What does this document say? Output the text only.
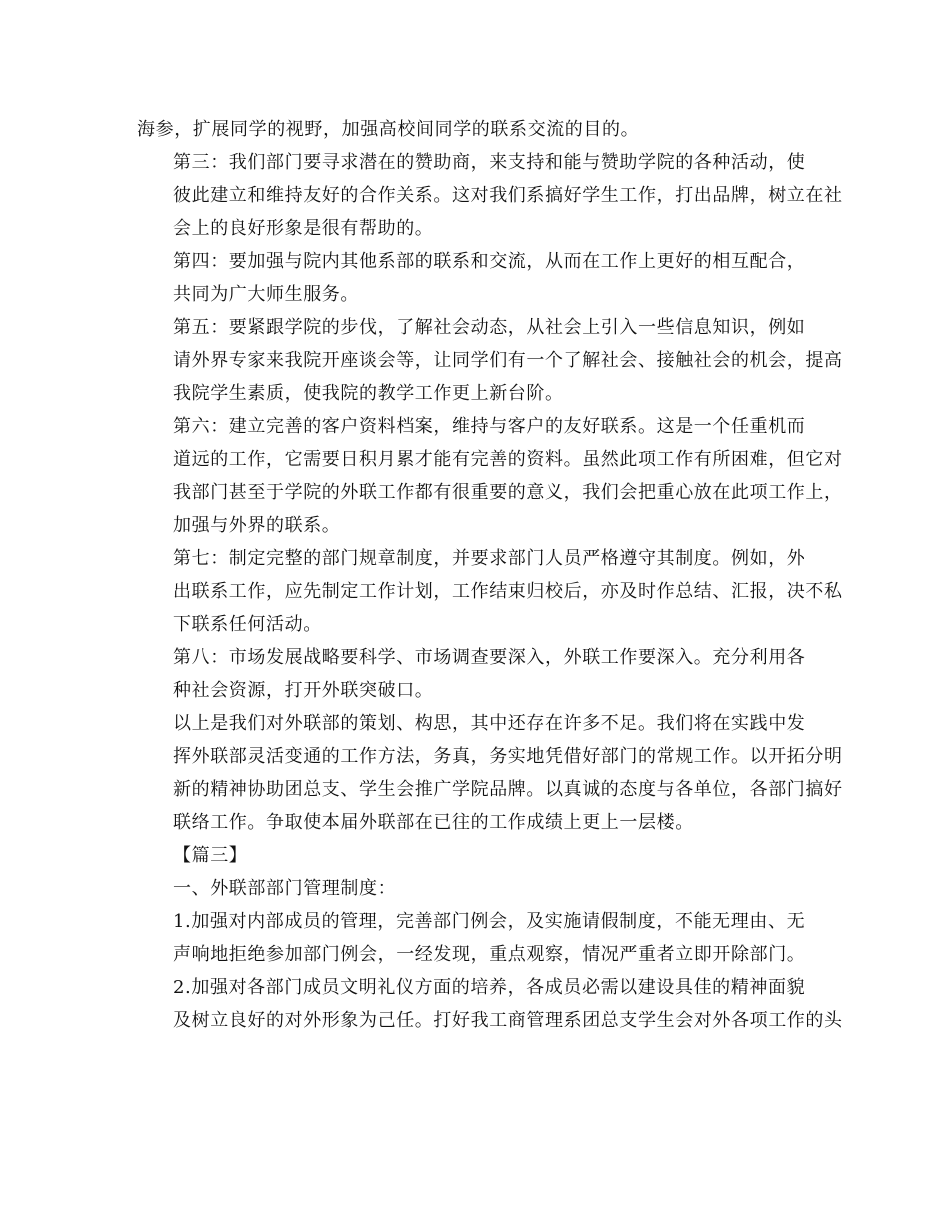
海参，扩展同学的视野，加强高校间同学的联系交流的目的。

第三：我们部门要寻求潜在的赞助商，来支持和能与赞助学院的各种活动，使
彼此建立和维持友好的合作关系。这对我们系搞好学生工作，打出品牌，树立在社
会上的良好形象是很有帮助的。

第四：要加强与院内其他系部的联系和交流，从而在工作上更好的相互配合，
共同为广大师生服务。

第五：要紧跟学院的步伐，了解社会动态，从社会上引入一些信息知识，例如
请外界专家来我院开座谈会等，让同学们有一个了解社会、接触社会的机会，提高
我院学生素质，使我院的教学工作更上新台阶。

第六：建立完善的客户资料档案，维持与客户的友好联系。这是一个任重机而
道远的工作，它需要日积月累才能有完善的资料。虽然此项工作有所困难，但它对
我部门甚至于学院的外联工作都有很重要的意义，我们会把重心放在此项工作上，
加强与外界的联系。

第七：制定完整的部门规章制度，并要求部门人员严格遵守其制度。例如，外
出联系工作，应先制定工作计划，工作结束归校后，亦及时作总结、汇报，决不私
下联系任何活动。

第八：市场发展战略要科学、市场调查要深入，外联工作要深入。充分利用各
种社会资源，打开外联突破口。

以上是我们对外联部的策划、构思，其中还存在许多不足。我们将在实践中发
挥外联部灵活变通的工作方法，务真，务实地凭借好部门的常规工作。以开拓分明
新的精神协助团总支、学生会推广学院品牌。以真诚的态度与各单位，各部门搞好
联络工作。争取使本届外联部在已往的工作成绩上更上一层楼。

【篇三】

一、外联部部门管理制度：

1.加强对内部成员的管理，完善部门例会，及实施请假制度，不能无理由、无
声响地拒绝参加部门例会，一经发现，重点观察，情况严重者立即开除部门。

2.加强对各部门成员文明礼仪方面的培养，各成员必需以建设具佳的精神面貌
及树立良好的对外形象为己任。打好我工商管理系团总支学生会对外各项工作的头
